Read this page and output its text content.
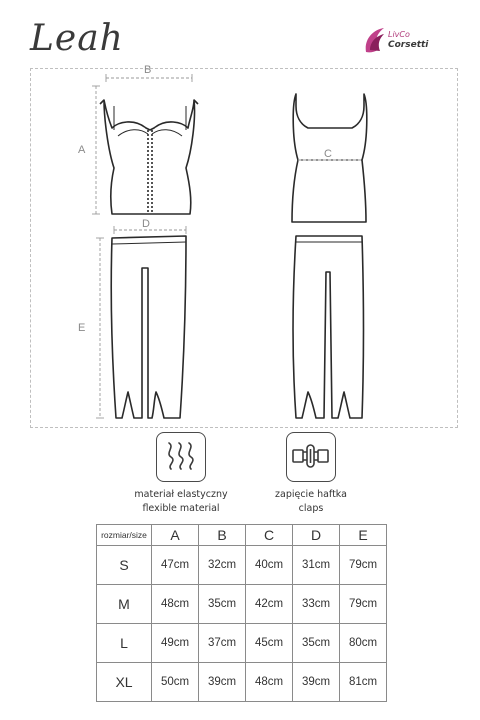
Leah	LivCo
Corsetti
B
A	C
D
E
materiał elastyczny
flexible material
zapięcie haftka
claps
rozmiar/size	A	B	C	D	E
S	47cm	32cm	40cm	31cm	79cm
M	48cm	35cm	42cm	33cm	79cm
L	49cm	37cm	45cm	35cm	80cm
XL	50cm	39cm	48cm	39cm	81cm
